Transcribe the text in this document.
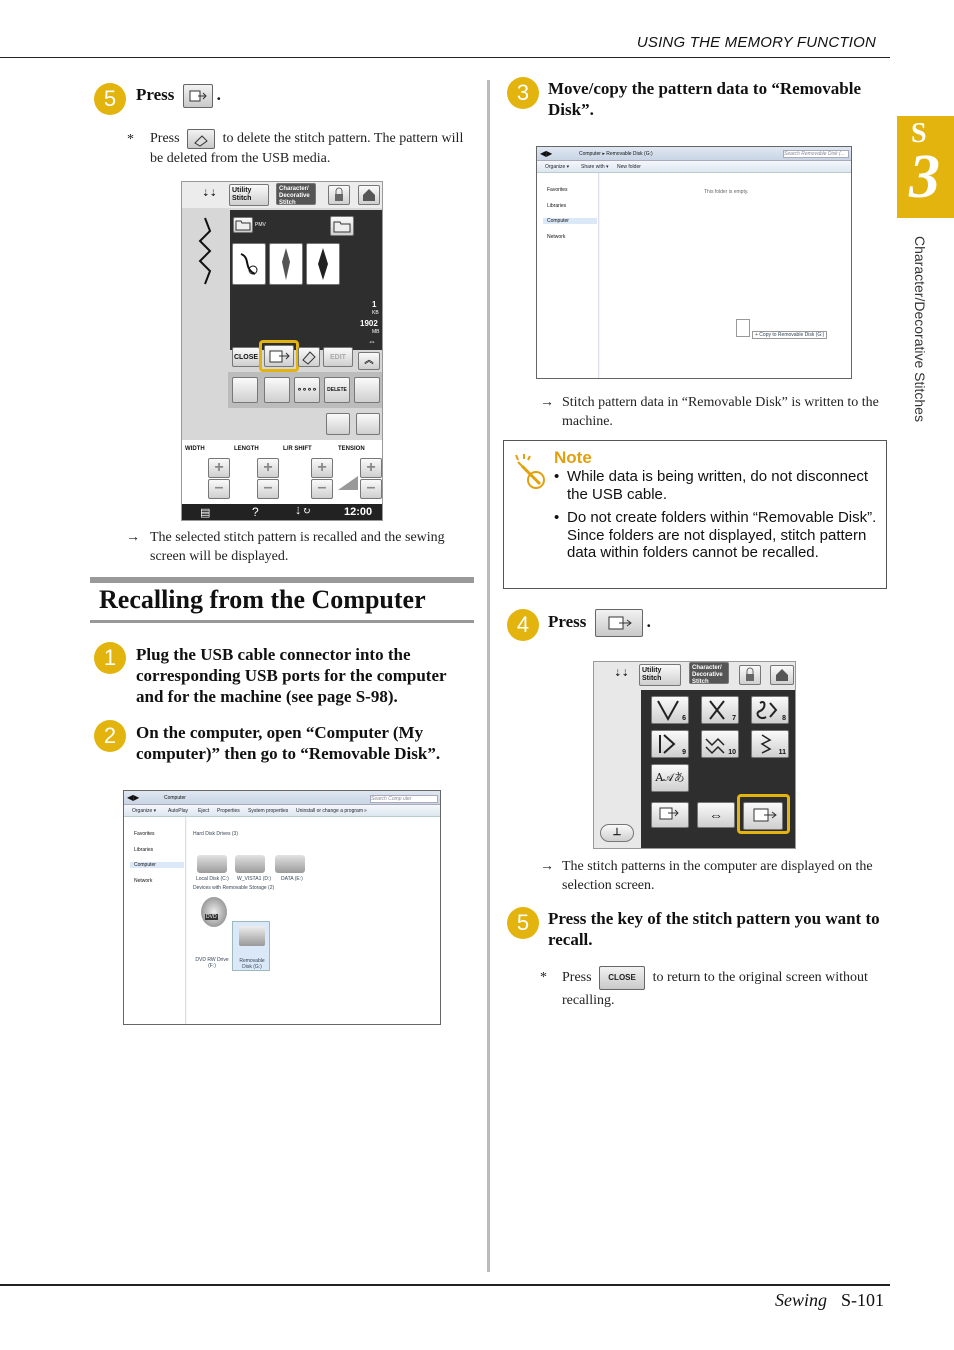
USING THE MEMORY FUNCTION
Sewing S-101
S
3
Character/Decorative Stitches
5	Press .
* Press	to delete the stitch pattern. The pattern will be deleted from the USB media.
⇣⇣ Utility Stitch
Character/ Decorative Stitch
PMV
1
KB
1902
MB
⇔
CLOSE	EDIT	︽
∘∘∘∘	DELETE
WIDTH	LENGTH	L/R SHIFT	TENSION
+
–
+
–
+
–
+
–
▤	?	⇣↻	12:00
→ The selected stitch pattern is recalled and the sewing screen will be displayed.
Recalling from the Computer
1	Plug the USB cable connector into the corresponding USB ports for the computer and for the machine (see page S-98).
2	On the computer, open “Computer (My computer)” then go to “Removable Disk”.
◀▶	Computer	Search Comp uter
Organize ▾ AutoPlay Eject Properties System properties Uninstall or change a program »
Favorites
Libraries
Computer
Network
Hard Disk Drives (3)
Local Disk (C:) W_VISTA1 (D:) DATA (E:)
Devices with Removable Storage (2)
DVD
Removable Disk (G:)
DVD RW Drive (F:)
3	Move/copy the pattern data to “Removable Disk”.
◀▶	Computer ▸ Removable Disk (G:)	Search Removable Disk (...
Organize ▾ Share with ▾ New folder
Favorites
Libraries
Computer
Network
This folder is empty.
+ Copy to Removable Disk (G:)
→ Stitch pattern data in “Removable Disk” is written to the machine.
Note
• While data is being written, do not disconnect the USB cable.
• Do not create folders within “Removable Disk”. Since folders are not displayed, stitch pattern data within folders cannot be recalled.
4	Press	.
⇣⇣ Utility Stitch
Character/ Decorative Stitch
6	7	8
9	10	11
A𝒜あ
⇔
⊥
→ The stitch patterns in the computer are displayed on the selection screen.
5	Press the key of the stitch pattern you want to recall.
* Press CLOSE to return to the original screen without recalling.
